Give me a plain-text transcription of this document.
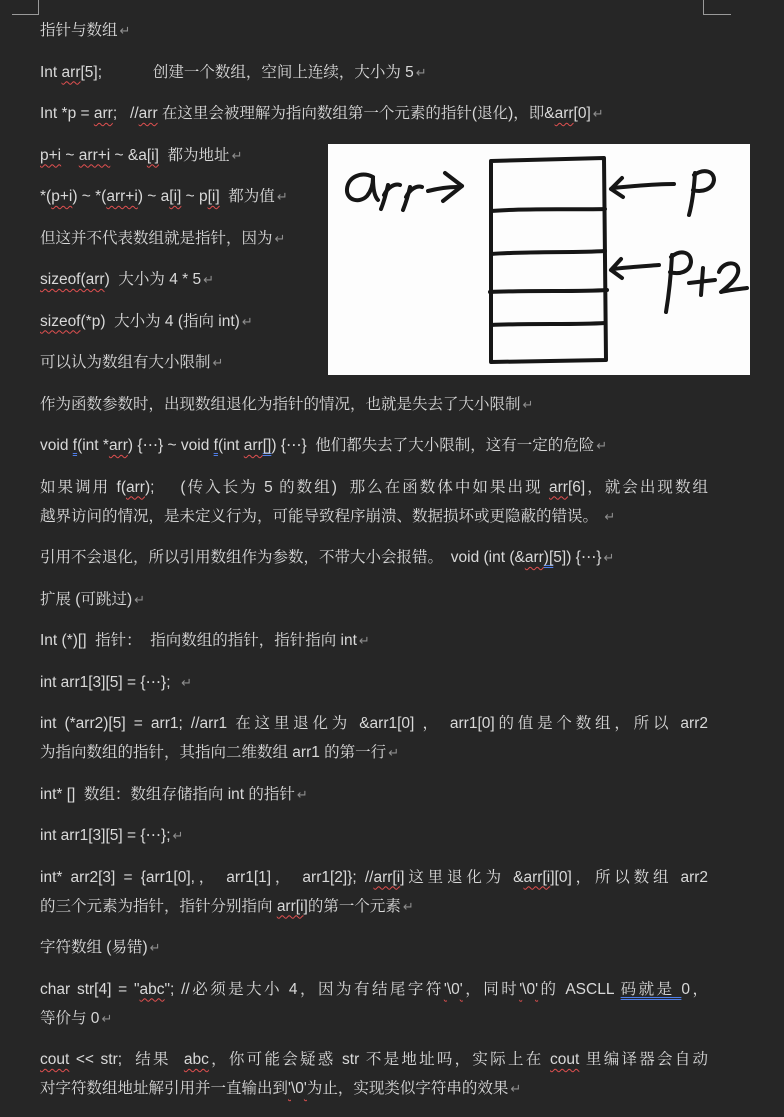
指针与数组 ↵
Int arr[5];　　　	创建一个数组，空间上连续，大小为 5 ↵
Int *p = arr;   //arr 在这里会被理解为指向数组第一个元素的指针(退化)，即&arr[0] ↵
p+i ~ arr+i ~ &a[i]  都为地址 ↵
*(p+i) ~ *(arr+i) ~ a[i] ~ p[i]  都为值 ↵
但这并不代表数组就是指针，因为 ↵
sizeof(arr)  大小为 4 * 5 ↵
sizeof(*p)  大小为 4 (指向 int) ↵
可以认为数组有大小限制 ↵
作为函数参数时，出现数组退化为指针的情况，也就是失去了大小限制 ↵
void f(int *arr) {⋯} ~ void f(int arr[]) {⋯}  他们都失去了大小限制，这有一定的危险 ↵
如果调用 f(arr);　 (传入长为 5 的数组)  那么在函数体中如果出现 arr[6]，就会出现数组
越界访问的情况，是未定义行为，可能导致程序崩溃、数据损坏或更隐蔽的错误。 ↵
引用不会退化，所以引用数组作为参数，不带大小会报错。　void (int (&arr)[5]) {⋯} ↵
扩展 (可跳过) ↵
Int (*)[]  指针：  指向数组的指针，指针指向 int ↵
int arr1[3][5] = {⋯};  ↵
int (*arr2)[5] = arr1; //arr1 在这里退化为 &arr1[0] ， arr1[0]的值是个数组，所以 arr2
为指向数组的指针，其指向二维数组 arr1 的第一行 ↵
int* []  数组：数组存储指向 int 的指针 ↵
int arr1[3][5] = {⋯}; ↵
int* arr2[3] = {arr1[0],， arr1[1]， arr1[2]}; //arr[i]这里退化为 &arr[i][0]，所以数组 arr2
的三个元素为指针，指针分别指向 arr[i]的第一个元素 ↵
字符数组 (易错) ↵
char str[4] = "abc"; //必须是大小 4，因为有结尾字符'\0'，同时'\0'的 ASCLL 码就是 0，
等价与 0 ↵
cout << str;  结果  abc，你可能会疑惑 str 不是地址吗，实际上在 cout 里编译器会自动
对字符数组地址解引用并一直输出到'\0'为止，实现类似字符串的效果 ↵
